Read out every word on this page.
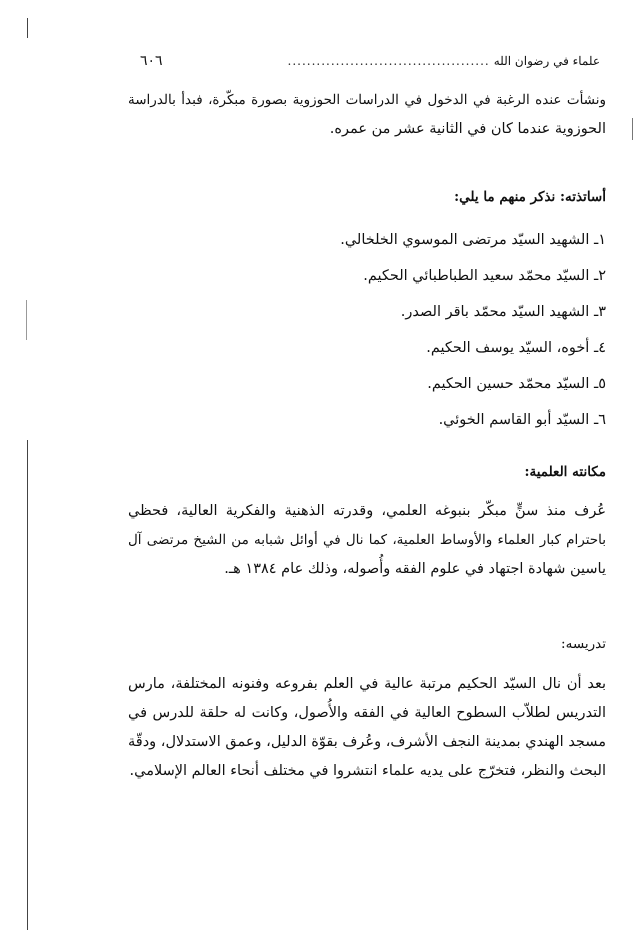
علماء في رضوان الله
..........................................
٦٠٦
ونشأت عنده الرغبة في الدخول في الدراسات الحوزوية بصورة مبكّرة، فبدأ بالدراسة
الحوزوية عندما كان في الثانية عشر من عمره.
أساتذته: نذكر منهم ما يلي:
١ـ الشهيد السيّد مرتضى الموسوي الخلخالي.
٢ـ السيّد محمّد سعيد الطباطبائي الحكيم.
٣ـ الشهيد السيّد محمّد باقر الصدر.
٤ـ أخوه، السيّد يوسف الحكيم.
٥ـ السيّد محمّد حسين الحكيم.
٦ـ السيّد أبو القاسم الخوئي.
مكانته العلمية:
عُرف منذ سنٍّ مبكّر بنبوغه العلمي، وقدرته الذهنية والفكرية العالية، فحظي
باحترام كبار العلماء والأوساط العلمية، كما نال في أوائل شبابه من الشيخ مرتضى آل
ياسين شهادة اجتهاد في علوم الفقه وأُصوله، وذلك عام ١٣٨٤ هـ.
تدريسه:
بعد أن نال السيّد الحكيم مرتبة عالية في العلم بفروعه وفنونه المختلفة، مارس
التدريس لطلاّب السطوح العالية في الفقه والأُصول، وكانت له حلقة للدرس في
مسجد الهندي بمدينة النجف الأشرف، وعُرف بقوّة الدليل، وعمق الاستدلال، ودقّة
البحث والنظر، فتخرّج على يديه علماء انتشروا في مختلف أنحاء العالم الإسلامي.
